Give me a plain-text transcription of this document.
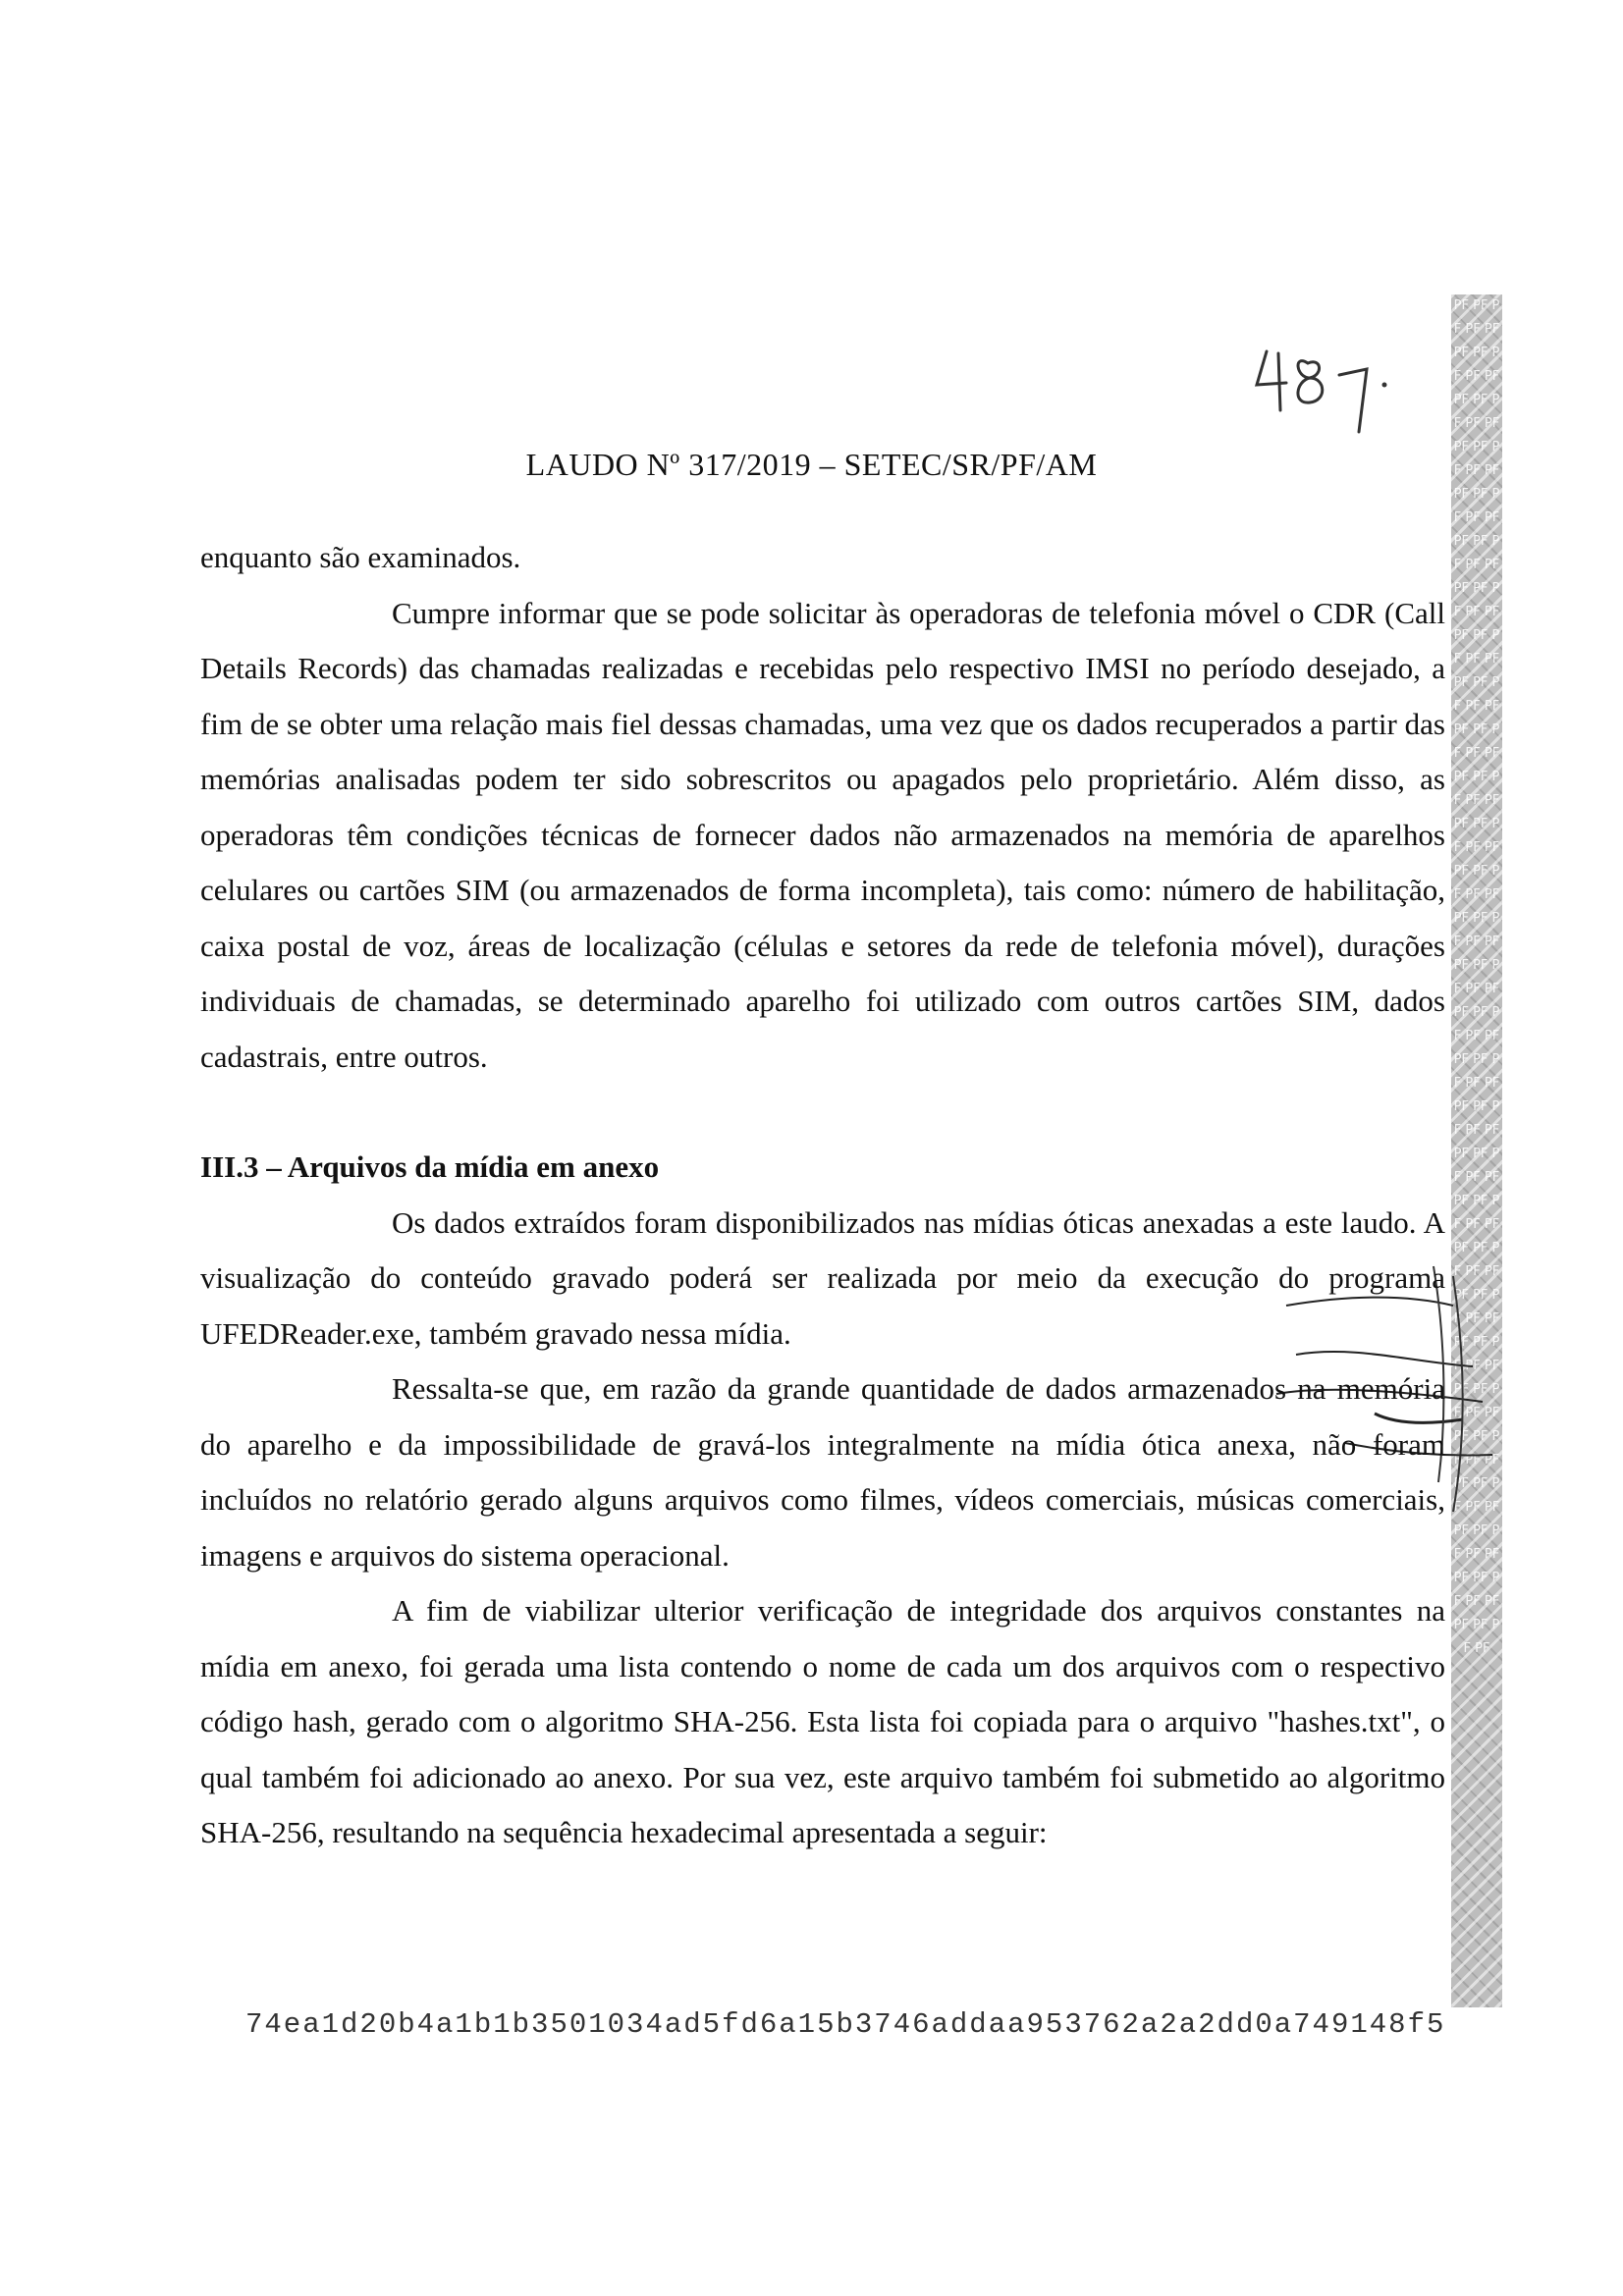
PF PF PF PF PF PF PF PF PF PF PF PF PF PF PF PF PF PF PF PF PF PF PF PF PF PF PF PF PF PF PF PF PF PF PF PF PF PF PF PF PF PF PF PF PF PF PF PF PF PF PF PF PF PF PF PF PF PF PF PF PF PF PF PF PF PF PF PF PF PF PF PF PF PF PF PF PF PF PF PF PF PF PF PF PF PF PF PF PF PF PF PF PF PF PF PF PF PF PF PF PF PF PF PF PF PF PF PF PF PF PF PF PF PF PF PF PF PF PF PF PF PF PF PF PF PF PF PF PF PF PF PF PF PF PF PF PF PF PF PF PF PF PF PF
LAUDO Nº 317/2019 – SETEC/SR/PF/AM

enquanto são examinados.

Cumpre informar que se pode solicitar às operadoras de telefonia móvel o CDR (Call Details Records) das chamadas realizadas e recebidas pelo respectivo IMSI no período desejado, a fim de se obter uma relação mais fiel dessas chamadas, uma vez que os dados recuperados a partir das memórias analisadas podem ter sido sobrescritos ou apagados pelo proprietário. Além disso, as operadoras têm condições técnicas de fornecer dados não armazenados na memória de aparelhos celulares ou cartões SIM (ou armazenados de forma incompleta), tais como: número de habilitação, caixa postal de voz, áreas de localização (células e setores da rede de telefonia móvel), durações individuais de chamadas, se determinado aparelho foi utilizado com outros cartões SIM, dados cadastrais, entre outros.

III.3 – Arquivos da mídia em anexo

Os dados extraídos foram disponibilizados nas mídias óticas anexadas a este laudo. A visualização do conteúdo gravado poderá ser realizada por meio da execução do programa UFEDReader.exe, também gravado nessa mídia.

Ressalta-se que, em razão da grande quantidade de dados armazenados na memória do aparelho e da impossibilidade de gravá-los integralmente na mídia ótica anexa, não foram incluídos no relatório gerado alguns arquivos como filmes, vídeos comerciais, músicas comerciais, imagens e arquivos do sistema operacional.

A fim de viabilizar ulterior verificação de integridade dos arquivos constantes na mídia em anexo, foi gerada uma lista contendo o nome de cada um dos arquivos com o respectivo código hash, gerado com o algoritmo SHA-256. Esta lista foi copiada para o arquivo "hashes.txt", o qual também foi adicionado ao anexo. Por sua vez, este arquivo também foi submetido ao algoritmo SHA-256, resultando na sequência hexadecimal apresentada a seguir:

74ea1d20b4a1b1b3501034ad5fd6a15b3746addaa953762a2a2dd0a749148f5
